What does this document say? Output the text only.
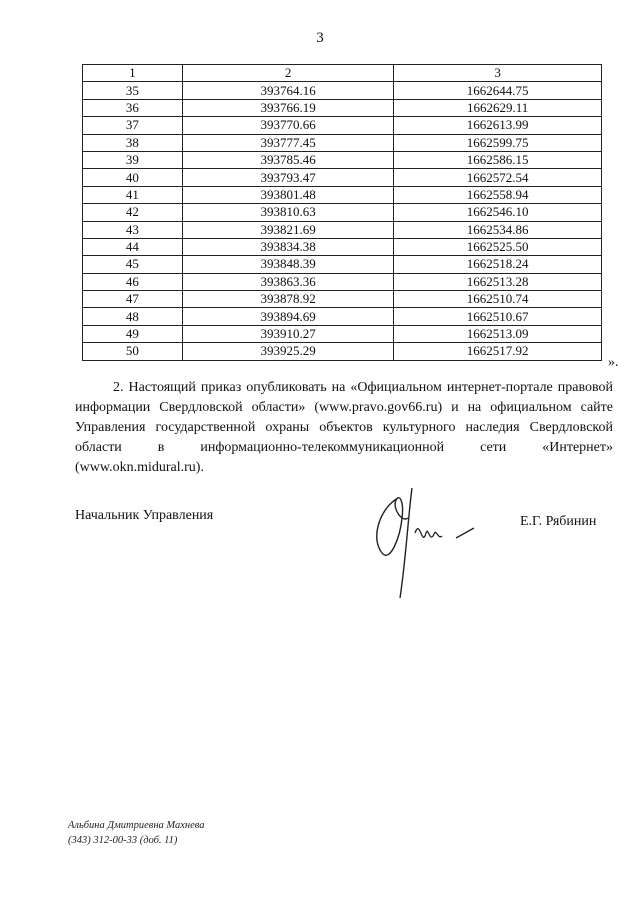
3
1	2	3
35	393764.16	1662644.75
36	393766.19	1662629.11
37	393770.66	1662613.99
38	393777.45	1662599.75
39	393785.46	1662586.15
40	393793.47	1662572.54
41	393801.48	1662558.94
42	393810.63	1662546.10
43	393821.69	1662534.86
44	393834.38	1662525.50
45	393848.39	1662518.24
46	393863.36	1662513.28
47	393878.92	1662510.74
48	393894.69	1662510.67
49	393910.27	1662513.09
50	393925.29	1662517.92
».

2. Настоящий приказ опубликовать на «Официальном интернет-портале правовой информации Свердловской области» (www.pravo.gov66.ru) и на официальном сайте Управления государственной охраны объектов культурного наследия Свердловской области в информационно-телекоммуникационной сети «Интернет» (www.okn.midural.ru).

Начальник Управления	Е.Г. Рябинин
Альбина Дмитриевна Махнева
(343) 312-00-33 (доб. 11)
